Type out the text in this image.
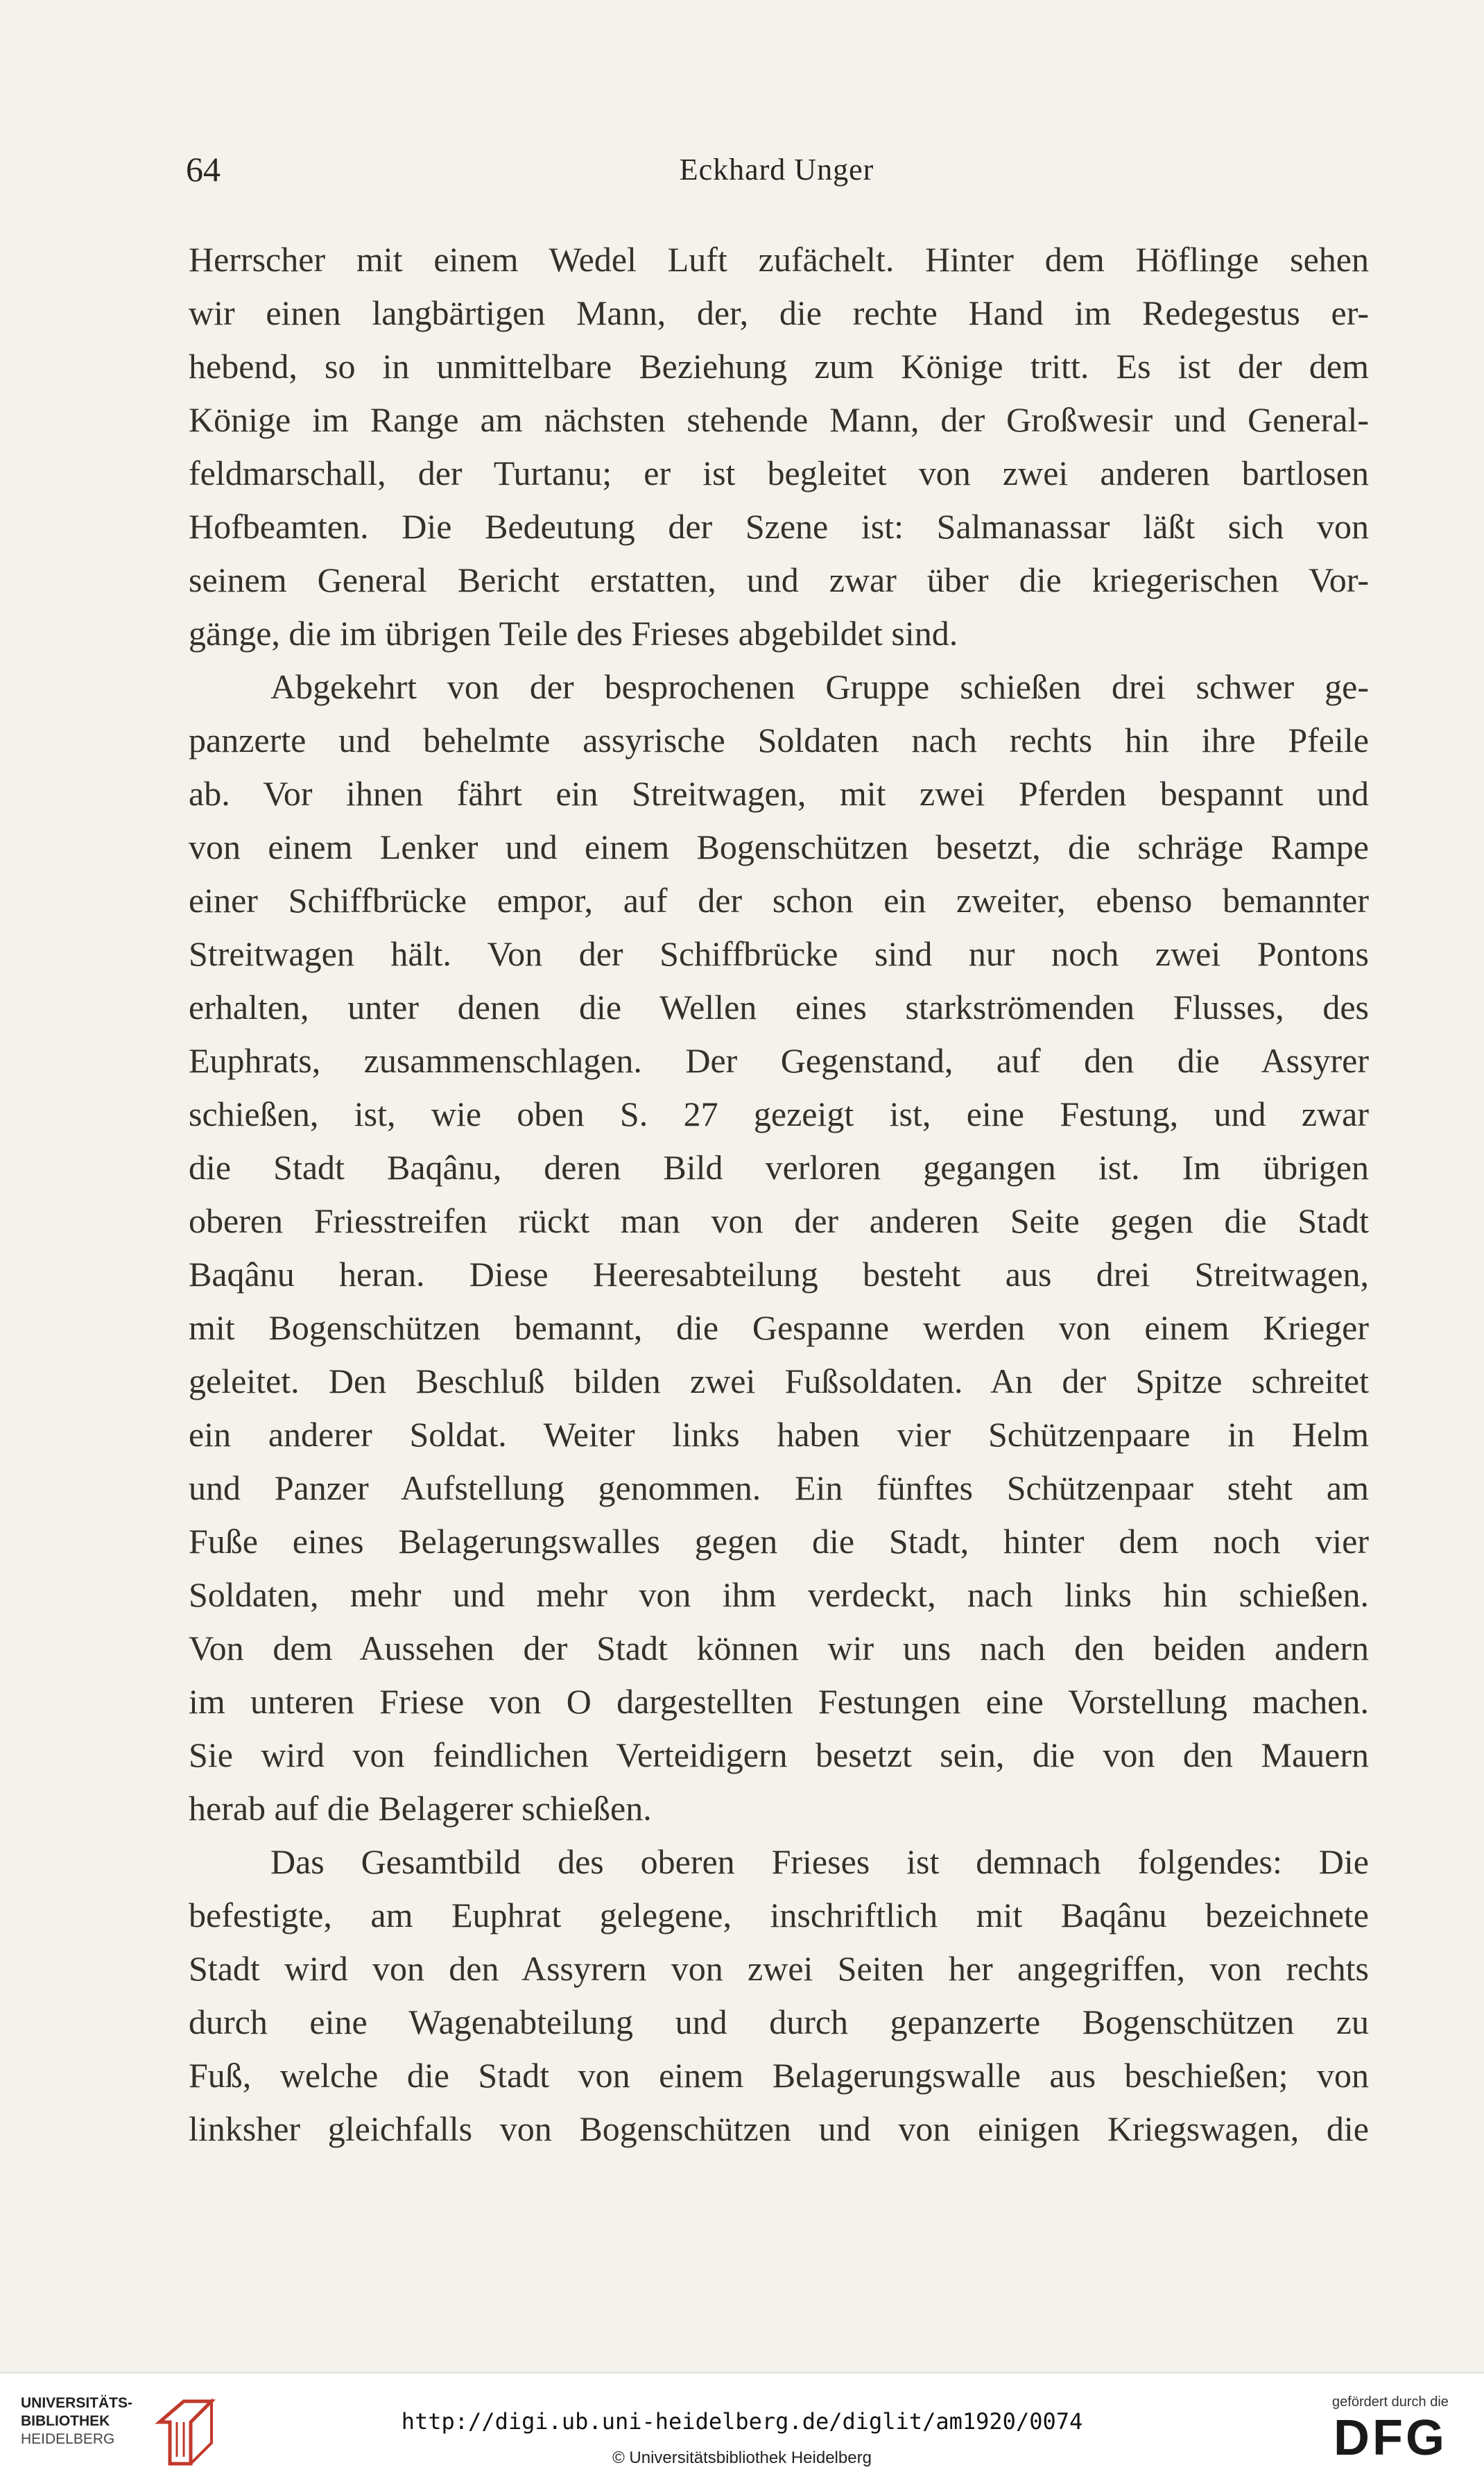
64	Eckhard Unger
Herrscher mit einem Wedel Luft zufächelt. Hinter dem Höflinge sehen
wir einen langbärtigen Mann, der, die rechte Hand im Redegestus er-
hebend, so in unmittelbare Beziehung zum Könige tritt. Es ist der dem
Könige im Range am nächsten stehende Mann, der Großwesir und General-
feldmarschall, der Turtanu; er ist begleitet von zwei anderen bartlosen
Hofbeamten. Die Bedeutung der Szene ist: Salmanassar läßt sich von
seinem General Bericht erstatten, und zwar über die kriegerischen Vor-
gänge, die im übrigen Teile des Frieses abgebildet sind.
Abgekehrt von der besprochenen Gruppe schießen drei schwer ge-
panzerte und behelmte assyrische Soldaten nach rechts hin ihre Pfeile
ab. Vor ihnen fährt ein Streitwagen, mit zwei Pferden bespannt und
von einem Lenker und einem Bogenschützen besetzt, die schräge Rampe
einer Schiffbrücke empor, auf der schon ein zweiter, ebenso bemannter
Streitwagen hält. Von der Schiffbrücke sind nur noch zwei Pontons
erhalten, unter denen die Wellen eines starkströmenden Flusses, des
Euphrats, zusammenschlagen. Der Gegenstand, auf den die Assyrer
schießen, ist, wie oben S. 27 gezeigt ist, eine Festung, und zwar
die Stadt Baqânu, deren Bild verloren gegangen ist. Im übrigen
oberen Friesstreifen rückt man von der anderen Seite gegen die Stadt
Baqânu heran. Diese Heeresabteilung besteht aus drei Streitwagen,
mit Bogenschützen bemannt, die Gespanne werden von einem Krieger
geleitet. Den Beschluß bilden zwei Fußsoldaten. An der Spitze schreitet
ein anderer Soldat. Weiter links haben vier Schützenpaare in Helm
und Panzer Aufstellung genommen. Ein fünftes Schützenpaar steht am
Fuße eines Belagerungswalles gegen die Stadt, hinter dem noch vier
Soldaten, mehr und mehr von ihm verdeckt, nach links hin schießen.
Von dem Aussehen der Stadt können wir uns nach den beiden andern
im unteren Friese von O dargestellten Festungen eine Vorstellung machen.
Sie wird von feindlichen Verteidigern besetzt sein, die von den Mauern
herab auf die Belagerer schießen.
Das Gesamtbild des oberen Frieses ist demnach folgendes: Die
befestigte, am Euphrat gelegene, inschriftlich mit Baqânu bezeichnete
Stadt wird von den Assyrern von zwei Seiten her angegriffen, von rechts
durch eine Wagenabteilung und durch gepanzerte Bogenschützen zu
Fuß, welche die Stadt von einem Belagerungswalle aus beschießen; von
linksher gleichfalls von Bogenschützen und von einigen Kriegswagen, die
UNIVERSITÄTS-
BIBLIOTHEK
HEIDELBERG
http://digi.ub.uni-heidelberg.de/diglit/am1920/0074
© Universitätsbibliothek Heidelberg
gefördert durch die
DFG
